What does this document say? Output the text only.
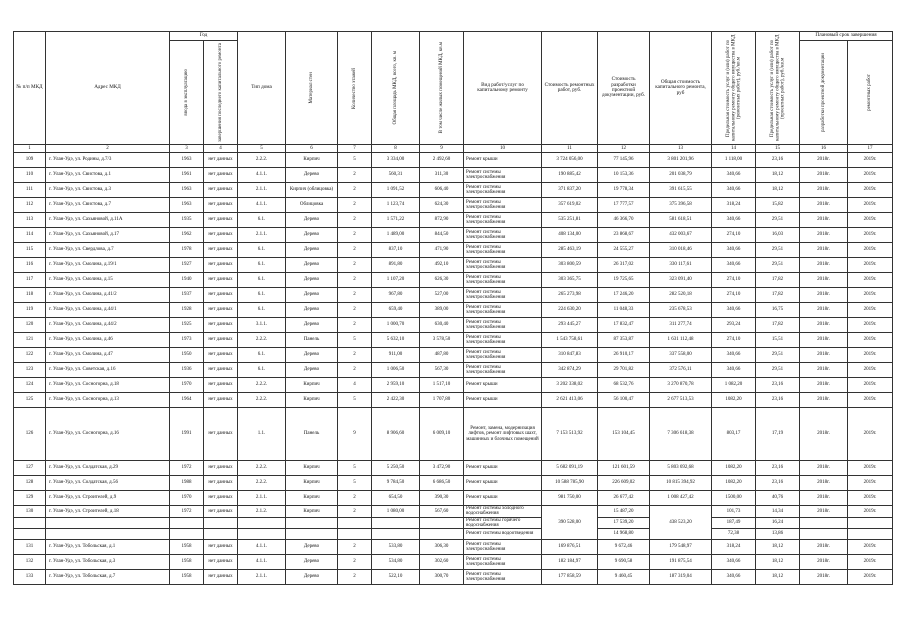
№ п/п МКД	Адрес МКД	Год		Тип дома	Материал стен	Количество этажей	Общая площадь МКД, всего, кв. м	В том числе жилых помещений МКД, кв.м	Вид работ/услуг по капитальному ремонту	Стоимость ремонтных работ, руб.	Стоимость разработки проектной документации, руб.	Общая стоимость капитального ремонта, руб	Предельная стоимость услуг и (или) работ по капитальному ремонту общего имущества в МКД (ремонтных работ), руб./кв.м	Предельная стоимость услуг и (или) работ по капитальному ремонту общего имущества в МКД (проектных работ), руб./кв.м	Плановый срок завершения	

		ввода в эксплуатацию	завершения последнего капитального ремонта												разработки проектной документации	ремонтных работ

1	2	3	4	5	6	7	8	9	10	11	12	13	14	15	16	17
109	г. Улан-Удэ, ул. Родины, д.7/3	1963	нет данных	2.2.2.	Кирпич	5	3 334,00	2 492,60	Ремонт крыши	3 724 056,00	77 145,96	3 801 201,96	1 118,00	23,16	2018г.	2019г.
110	г. Улан-Удэ, ул. Свистова, д.1	1961	нет данных	4.1.1.	Дерево	2	560,31	311,30	Ремонт системы электроснабжения	190 885,42	10 153,36	201 038,79	340,66	18,12	2018г.	2019г.
111	г. Улан-Удэ, ул. Свистова, д.3	1963	нет данных	2.1.1.	Кирпич (облицовка)	2	1 091,52	606,40	Ремонт системы электроснабжения	371 837,20	19 778,34	391 615,55	340,66	18,12	2018г.	2019г.
112	г. Улан-Удэ, ул. Свистова, д.7	1963	нет данных	4.1.1.	Облицовка	2	1 123,74	624,30	Ремонт системы электроснабжения	357 619,02	17 777,57	375 396,58	318,24	15,82	2018г.	2019г.
113	г. Улан-Удэ, ул. Сахьяновой, д.11А	1935	нет данных	6.1.	Дерево	2	1 571,22	872,90	Ремонт системы электроснабжения	535 251,81	46 366,70	581 618,51	340,66	29,51	2018г.	2019г.
114	г. Улан-Удэ, ул. Сахьяновой, д.17	1962	нет данных	2.1.1.	Дерево	2	1 489,00	844,50	Ремонт системы электроснабжения	408 134,00	23 868,67	432 003,67	274,10	16,03	2018г.	2019г.
115	г. Улан-Удэ, ул. Свердлова, д.7	1978	нет данных	6.1.	Дерево	2	837,10	471,90	Ремонт системы электроснабжения	285 463,19	24 555,27	310 018,46	340,66	29,51	2018г.	2019г.
116	г. Улан-Удэ, ул. Смолина, д.19/1	1927	нет данных	6.1.	Дерево	2	891,80	492,10	Ремонт системы электроснабжения	303 800,59	26 317,02	330 117,61	340,66	29,51	2018г.	2019г.
117	г. Улан-Удэ, ул. Смолина, д.15	1940	нет данных	6.1.	Дерево	2	1 107,20	626,30	Ремонт системы электроснабжения	303 365,75	19 725,65	323 091,40	274,10	17,82	2018г.	2019г.
118	г. Улан-Удэ, ул. Смолина, д.41/2	1937	нет данных	6.1.	Дерево	2	967,80	527,00	Ремонт системы электроснабжения	265 273,98	17 246,20	282 520,18	274,10	17,82	2018г.	2019г.
119	г. Улан-Удэ, ул. Смолина, д.44/1	1928	нет данных	6.1.	Дерево	2	659,40	389,00	Ремонт системы электроснабжения	224 630,20	11 048,33	235 678,53	340,66	16,75	2018г.	2019г.
120	г. Улан-Удэ, ул. Смолина, д.44/2	1925	нет данных	3.1.1.	Дерево	2	1 000,70	630,40	Ремонт системы электроснабжения	293 445,27	17 832,47	311 277,74	293,24	17,82	2018г.	2019г.
121	г. Улан-Удэ, ул. Смолина, д.46	1973	нет данных	2.2.2.	Панель	5	5 632,10	3 578,50	Ремонт системы электроснабжения	1 543 758,61	87 353,87	1 631 112,48	274,10	15,51	2018г.	2019г.
122	г. Улан-Удэ, ул. Смолина, д.47	1950	нет данных	6.1.	Дерево	2	911,00	487,80	Ремонт системы электроснабжения	310 847,83	26 910,17	337 558,00	340,66	29,51	2018г.	2019г.
123	г. Улан-Удэ, ул. Советская, д.16	1936	нет данных	6.1.	Дерево	2	1 006,50	567,30	Ремонт системы электроснабжения	342 874,29	29 701,82	372 576,11	340,66	29,51	2018г.	2019г.
124	г. Улан-Удэ, ул. Сосногорна, д.18	1970	нет данных	2.2.2.	Кирпич	4	2 959,10	1 517,10	Ремонт крыши	3 202 338,02	68 532,76	3 270 870,78	1 082,20	23,16	2018г.	2019г.
125	г. Улан-Удэ, ул. Сосногорна, д.13	1964	нет данных	2.2.2.	Кирпич	5	2 422,30	1 707,80	Ремонт крыши	2 621 413,06	56 100,47	2 677 513,53	1082,20	23,16	2018г.	2019г.
126	г. Улан-Удэ, ул. Сосногорна, д.16	1991	нет данных	1.1.	Панель	9	8 906,60	6 009,10	Ремонт, замена, модернизация лифтов, ремонт лифтовых шахт, машинных и блочных помещений	7 153 513,92	153 104,45	7 306 618,38	803,17	17,19	2018г.	2019г.
127	г. Улан-Удэ, ул. Солдатская, д.29	1972	нет данных	2.2.2.	Кирпич	5	5 250,50	3 472,90	Ремонт крыши	5 682 091,19	121 601,59	5 803 692,68	1082,20	23,16	2018г.	2019г.
128	г. Улан-Удэ, ул. Солдатская, д.56	1988	нет данных	2.2.2.	Кирпич	5	9 784,50	6 686,50	Ремонт крыши	10 588 785,90	226 609,02	10 815 394,92	1082,20	23,16	2018г.	2019г.
129	г. Улан-Удэ, ул. Строителей, д.9	1970	нет данных	2.1.1.	Кирпич	2	654,50	390,30	Ремонт крыши	981 750,00	26 677,42	1 008 427,42	1500,00	40,76	2018г.	2019г.
130	г. Улан-Удэ, ул. Строителей, д.18	1972	нет данных	2.1.2.	Кирпич	2	1 080,00	567,60	Ремонт системы холодного водоснабжения	390 528,00	15 487,20	438 523,20	101,73	14,34	2018г.	2019г.
									Ремонт системы горячего водоснабжения		17 539,20		187,49	16,24		
									Ремонт системы водоотведения		14 968,80		72,38	13,86		
131	г. Улан-Удэ, ул. Тобольская, д.1	1958	нет данных	4.1.1.	Дерево	2	533,80	306,30	Ремонт системы электроснабжения	169 876,51	9 672,46	179 548,97	318,24	18,12	2018г.	2019г.
132	г. Улан-Удэ, ул. Тобольская, д.3	1958	нет данных	4.1.1.	Дерево	2	534,80	302,60	Ремонт системы электроснабжения	182 184,97	9 690,58	191 875,54	340,66	18,12	2018г.	2019г.
133	г. Улан-Удэ, ул. Тобольская, д.7	1958	нет данных	2.1.1.	Дерево	2	522,10	300,70	Ремонт системы электроснабжения	177 858,59	9 460,45	187 319,04	340,66	18,12	2018г.	2019г.
